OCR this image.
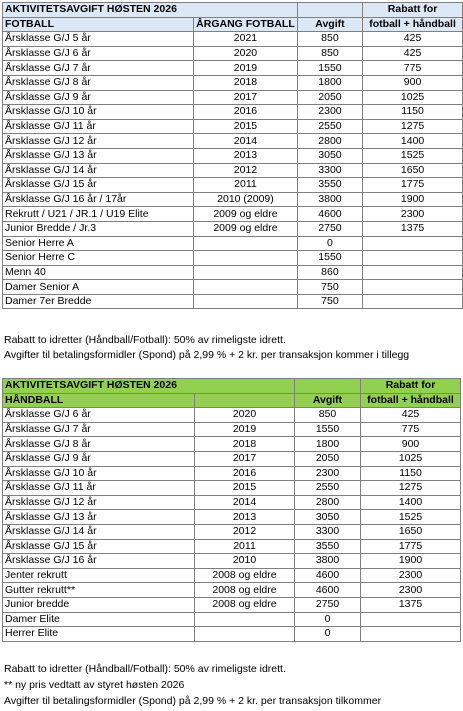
AKTIVITETSAVGIFT HØSTEN 2026			Rabatt for
FOTBALL	ÅRGANG FOTBALL	Avgift	fotball + håndball
Årsklasse G/J 5 år	2021	850	425
Årsklasse G/J 6 år	2020	850	425
Årsklasse G/J 7 år	2019	1550	775
Årsklasse G/J 8 år	2018	1800	900
Årsklasse G/J 9 år	2017	2050	1025
Årsklasse G/J 10 år	2016	2300	1150
Årsklasse G/J 11 år	2015	2550	1275
Årsklasse G/J 12 år	2014	2800	1400
Årsklasse G/J 13 år	2013	3050	1525
Årsklasse G/J 14 år	2012	3300	1650
Årsklasse G/J 15 år	2011	3550	1775
Årsklasse G/J 16 år / 17år	2010 (2009)	3800	1900
Rekrutt / U21 / JR.1 / U19 Elite	2009 og eldre	4600	2300
Junior Bredde / Jr.3	2009 og eldre	2750	1375
Senior Herre A		0	
Senior Herre C		1550	
Menn 40		860	
Damer Senior A		750	
Damer 7er Bredde		750	
Rabatt to idretter (Håndball/Fotball): 50% av rimeligste idrett.
Avgifter til betalingsformidler (Spond) på 2,99 % + 2 kr. per transaksjon kommer i tillegg
AKTIVITETSAVGIFT HØSTEN 2026			Rabatt for
HÅNDBALL		Avgift	fotball + håndball
Årsklasse G/J 6 år	2020	850	425
Årsklasse G/J 7 år	2019	1550	775
Årsklasse G/J 8 år	2018	1800	900
Årsklasse G/J 9 år	2017	2050	1025
Årsklasse G/J 10 år	2016	2300	1150
Årsklasse G/J 11 år	2015	2550	1275
Årsklasse G/J 12 år	2014	2800	1400
Årsklasse G/J 13 år	2013	3050	1525
Årsklasse G/J 14 år	2012	3300	1650
Årsklasse G/J 15 år	2011	3550	1775
Årsklasse G/J 16 år	2010	3800	1900
Jenter rekrutt	2008 og eldre	4600	2300
Gutter rekrutt**	2008 og eldre	4600	2300
Junior bredde	2008 og eldre	2750	1375
Damer Elite		0	
Herrer Elite		0	
Rabatt to idretter (Håndball/Fotball): 50% av rimeligste idrett.
** ny pris vedtatt av styret høsten 2026
Avgifter til betalingsformidler (Spond) på 2,99 % + 2 kr. per transaksjon tilkommer
